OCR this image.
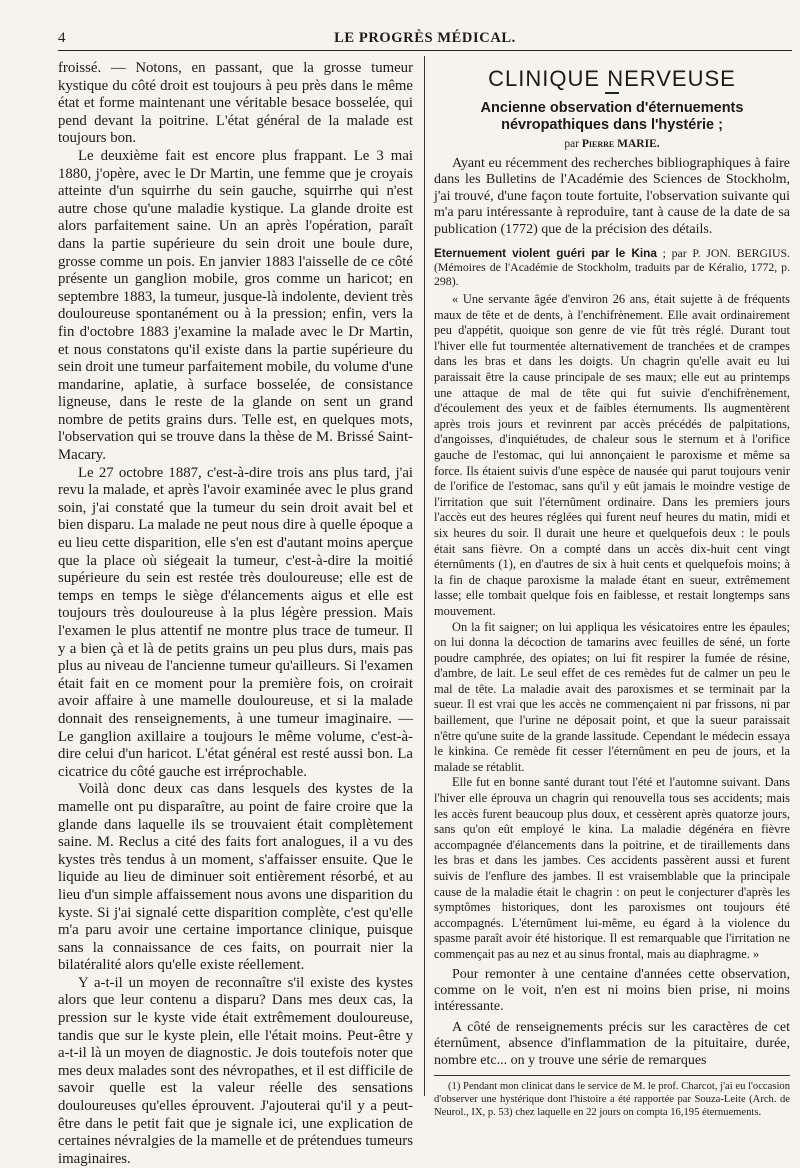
4	LE PROGRÈS MÉDICAL.

froissé. — Notons, en passant, que la grosse tumeur kystique du côté droit est toujours à peu près dans le même état et forme maintenant une véritable besace bosselée, qui pend devant la poitrine. L'état général de la malade est toujours bon.

Le deuxième fait est encore plus frappant. Le 3 mai 1880, j'opère, avec le Dr Martin, une femme que je croyais atteinte d'un squirrhe du sein gauche, squirrhe qui n'est autre chose qu'une maladie kystique. La glande droite est alors parfaitement saine. Un an après l'opération, paraît dans la partie supérieure du sein droit une boule dure, grosse comme un pois. En janvier 1883 l'aisselle de ce côté présente un ganglion mobile, gros comme un haricot; en septembre 1883, la tumeur, jusque-là indolente, devient très douloureuse spontanément ou à la pression; enfin, vers la fin d'octobre 1883 j'examine la malade avec le Dr Martin, et nous constatons qu'il existe dans la partie supérieure du sein droit une tumeur parfaitement mobile, du volume d'une mandarine, aplatie, à surface bosselée, de consistance ligneuse, dans le reste de la glande on sent un grand nombre de petits grains durs. Telle est, en quelques mots, l'observation qui se trouve dans la thèse de M. Brissé Saint-Macary.

Le 27 octobre 1887, c'est-à-dire trois ans plus tard, j'ai revu la malade, et après l'avoir examinée avec le plus grand soin, j'ai constaté que la tumeur du sein droit avait bel et bien disparu. La malade ne peut nous dire à quelle époque a eu lieu cette disparition, elle s'en est d'autant moins aperçue que la place où siégeait la tumeur, c'est-à-dire la moitié supérieure du sein est restée très douloureuse; elle est de temps en temps le siège d'élancements aigus et elle est toujours très douloureuse à la plus légère pression. Mais l'examen le plus attentif ne montre plus trace de tumeur. Il y a bien çà et là de petits grains un peu plus durs, mais pas plus au niveau de l'ancienne tumeur qu'ailleurs. Si l'examen était fait en ce moment pour la première fois, on croirait avoir affaire à une mamelle douloureuse, et si la malade donnait des renseignements, à une tumeur imaginaire. — Le ganglion axillaire a toujours le même volume, c'est-à-dire celui d'un haricot. L'état général est resté aussi bon. La cicatrice du côté gauche est irréprochable.

Voilà donc deux cas dans lesquels des kystes de la mamelle ont pu disparaître, au point de faire croire que la glande dans laquelle ils se trouvaient était complètement saine. M. Reclus a cité des faits fort analogues, il a vu des kystes très tendus à un moment, s'affaisser ensuite. Que le liquide au lieu de diminuer soit entièrement résorbé, et au lieu d'un simple affaissement nous avons une disparition du kyste. Si j'ai signalé cette disparition complète, c'est qu'elle m'a paru avoir une certaine importance clinique, puisque sans la connaissance de ces faits, on pourrait nier la bilatéralité alors qu'elle existe réellement.

Y a-t-il un moyen de reconnaître s'il existe des kystes alors que leur contenu a disparu? Dans mes deux cas, la pression sur le kyste vide était extrêmement douloureuse, tandis que sur le kyste plein, elle l'était moins. Peut-être y a-t-il là un moyen de diagnostic. Je dois toutefois noter que mes deux malades sont des névropathes, et il est difficile de savoir quelle est la valeur réelle des sensations douloureuses qu'elles éprouvent. J'ajouterai qu'il y a peut-être dans le petit fait que je signale ici, une explication de certaines névralgies de la mamelle et de prétendues tumeurs imaginaires.

CLINIQUE NERVEUSE
Ancienne observation d'éternuements névropathiques dans l'hystérie ;
par Pierre MARIE.

Ayant eu récemment des recherches bibliographiques à faire dans les Bulletins de l'Académie des Sciences de Stockholm, j'ai trouvé, d'une façon toute fortuite, l'observation suivante qui m'a paru intéressante à reproduire, tant à cause de la date de sa publication (1772) que de la précision des détails.

Eternuement violent guéri par le Kina ; par P. JON. BERGIUS. (Mémoires de l'Académie de Stockholm, traduits par de Kéralio, 1772, p. 298).

« Une servante âgée d'environ 26 ans, était sujette à de fréquents maux de tête et de dents, à l'enchifrènement. Elle avait ordinairement peu d'appétit, quoique son genre de vie fût très réglé. Durant tout l'hiver elle fut tourmentée alternativement de tranchées et de crampes dans les bras et dans les doigts. Un chagrin qu'elle avait eu lui paraissait être la cause principale de ses maux; elle eut au printemps une attaque de mal de tête qui fut suivie d'enchifrènement, d'écoulement des yeux et de faibles éternuments. Ils augmentèrent après trois jours et revinrent par accès précédés de palpitations, d'angoisses, d'inquiétudes, de chaleur sous le sternum et à l'orifice gauche de l'estomac, qui lui annonçaient le paroxisme et même sa force. Ils étaient suivis d'une espèce de nausée qui parut toujours venir de l'orifice de l'estomac, sans qu'il y eût jamais le moindre vestige de l'irritation que suit l'éternûment ordinaire. Dans les premiers jours l'accès eut des heures réglées qui furent neuf heures du matin, midi et six heures du soir. Il durait une heure et quelquefois deux : le pouls était sans fièvre. On a compté dans un accès dix-huit cent vingt éternûments (1), en d'autres de six à huit cents et quelquefois moins; à la fin de chaque paroxisme la malade étant en sueur, extrêmement lasse; elle tombait quelque fois en faiblesse, et restait longtemps sans mouvement.

On la fit saigner; on lui appliqua les vésicatoires entre les épaules; on lui donna la décoction de tamarins avec feuilles de séné, un forte poudre camphrée, des opiates; on lui fit respirer la fumée de résine, d'ambre, de lait. Le seul effet de ces remèdes fut de calmer un peu le mal de tête. La maladie avait des paroxismes et se terminait par la sueur. Il est vrai que les accès ne commençaient ni par frissons, ni par baillement, que l'urine ne déposait point, et que la sueur paraissait n'être qu'une suite de la grande lassitude. Cependant le médecin essaya le kinkina. Ce remède fit cesser l'éternûment en peu de jours, et la malade se rétablit.

Elle fut en bonne santé durant tout l'été et l'automne suivant. Dans l'hiver elle éprouva un chagrin qui renouvella tous ses accidents; mais les accès furent beaucoup plus doux, et cessèrent après quatorze jours, sans qu'on eût employé le kina. La maladie dégénéra en fièvre accompagnée d'élancements dans la poitrine, et de tiraillements dans les bras et dans les jambes. Ces accidents passèrent aussi et furent suivis de l'enflure des jambes. Il est vraisemblable que la principale cause de la maladie était le chagrin : on peut le conjecturer d'après les symptômes historiques, dont les paroxismes ont toujours été accompagnés. L'éternûment lui-même, eu égard à la violence du spasme paraît avoir été historique. Il est remarquable que l'irritation ne commençait pas au nez et au sinus frontal, mais au diaphragme. »

Pour remonter à une centaine d'années cette observation, comme on le voit, n'en est ni moins bien prise, ni moins intéressante.

A côté de renseignements précis sur les caractères de cet éternûment, absence d'inflammation de la pituitaire, durée, nombre etc... on y trouve une série de remarques

(1) Pendant mon clinicat dans le service de M. le prof. Charcot, j'ai eu l'occasion d'observer une hystérique dont l'histoire a été rapportée par Souza-Leite (Arch. de Neurol., IX, p. 53) chez laquelle en 22 jours on compta 16,195 éternuements.
